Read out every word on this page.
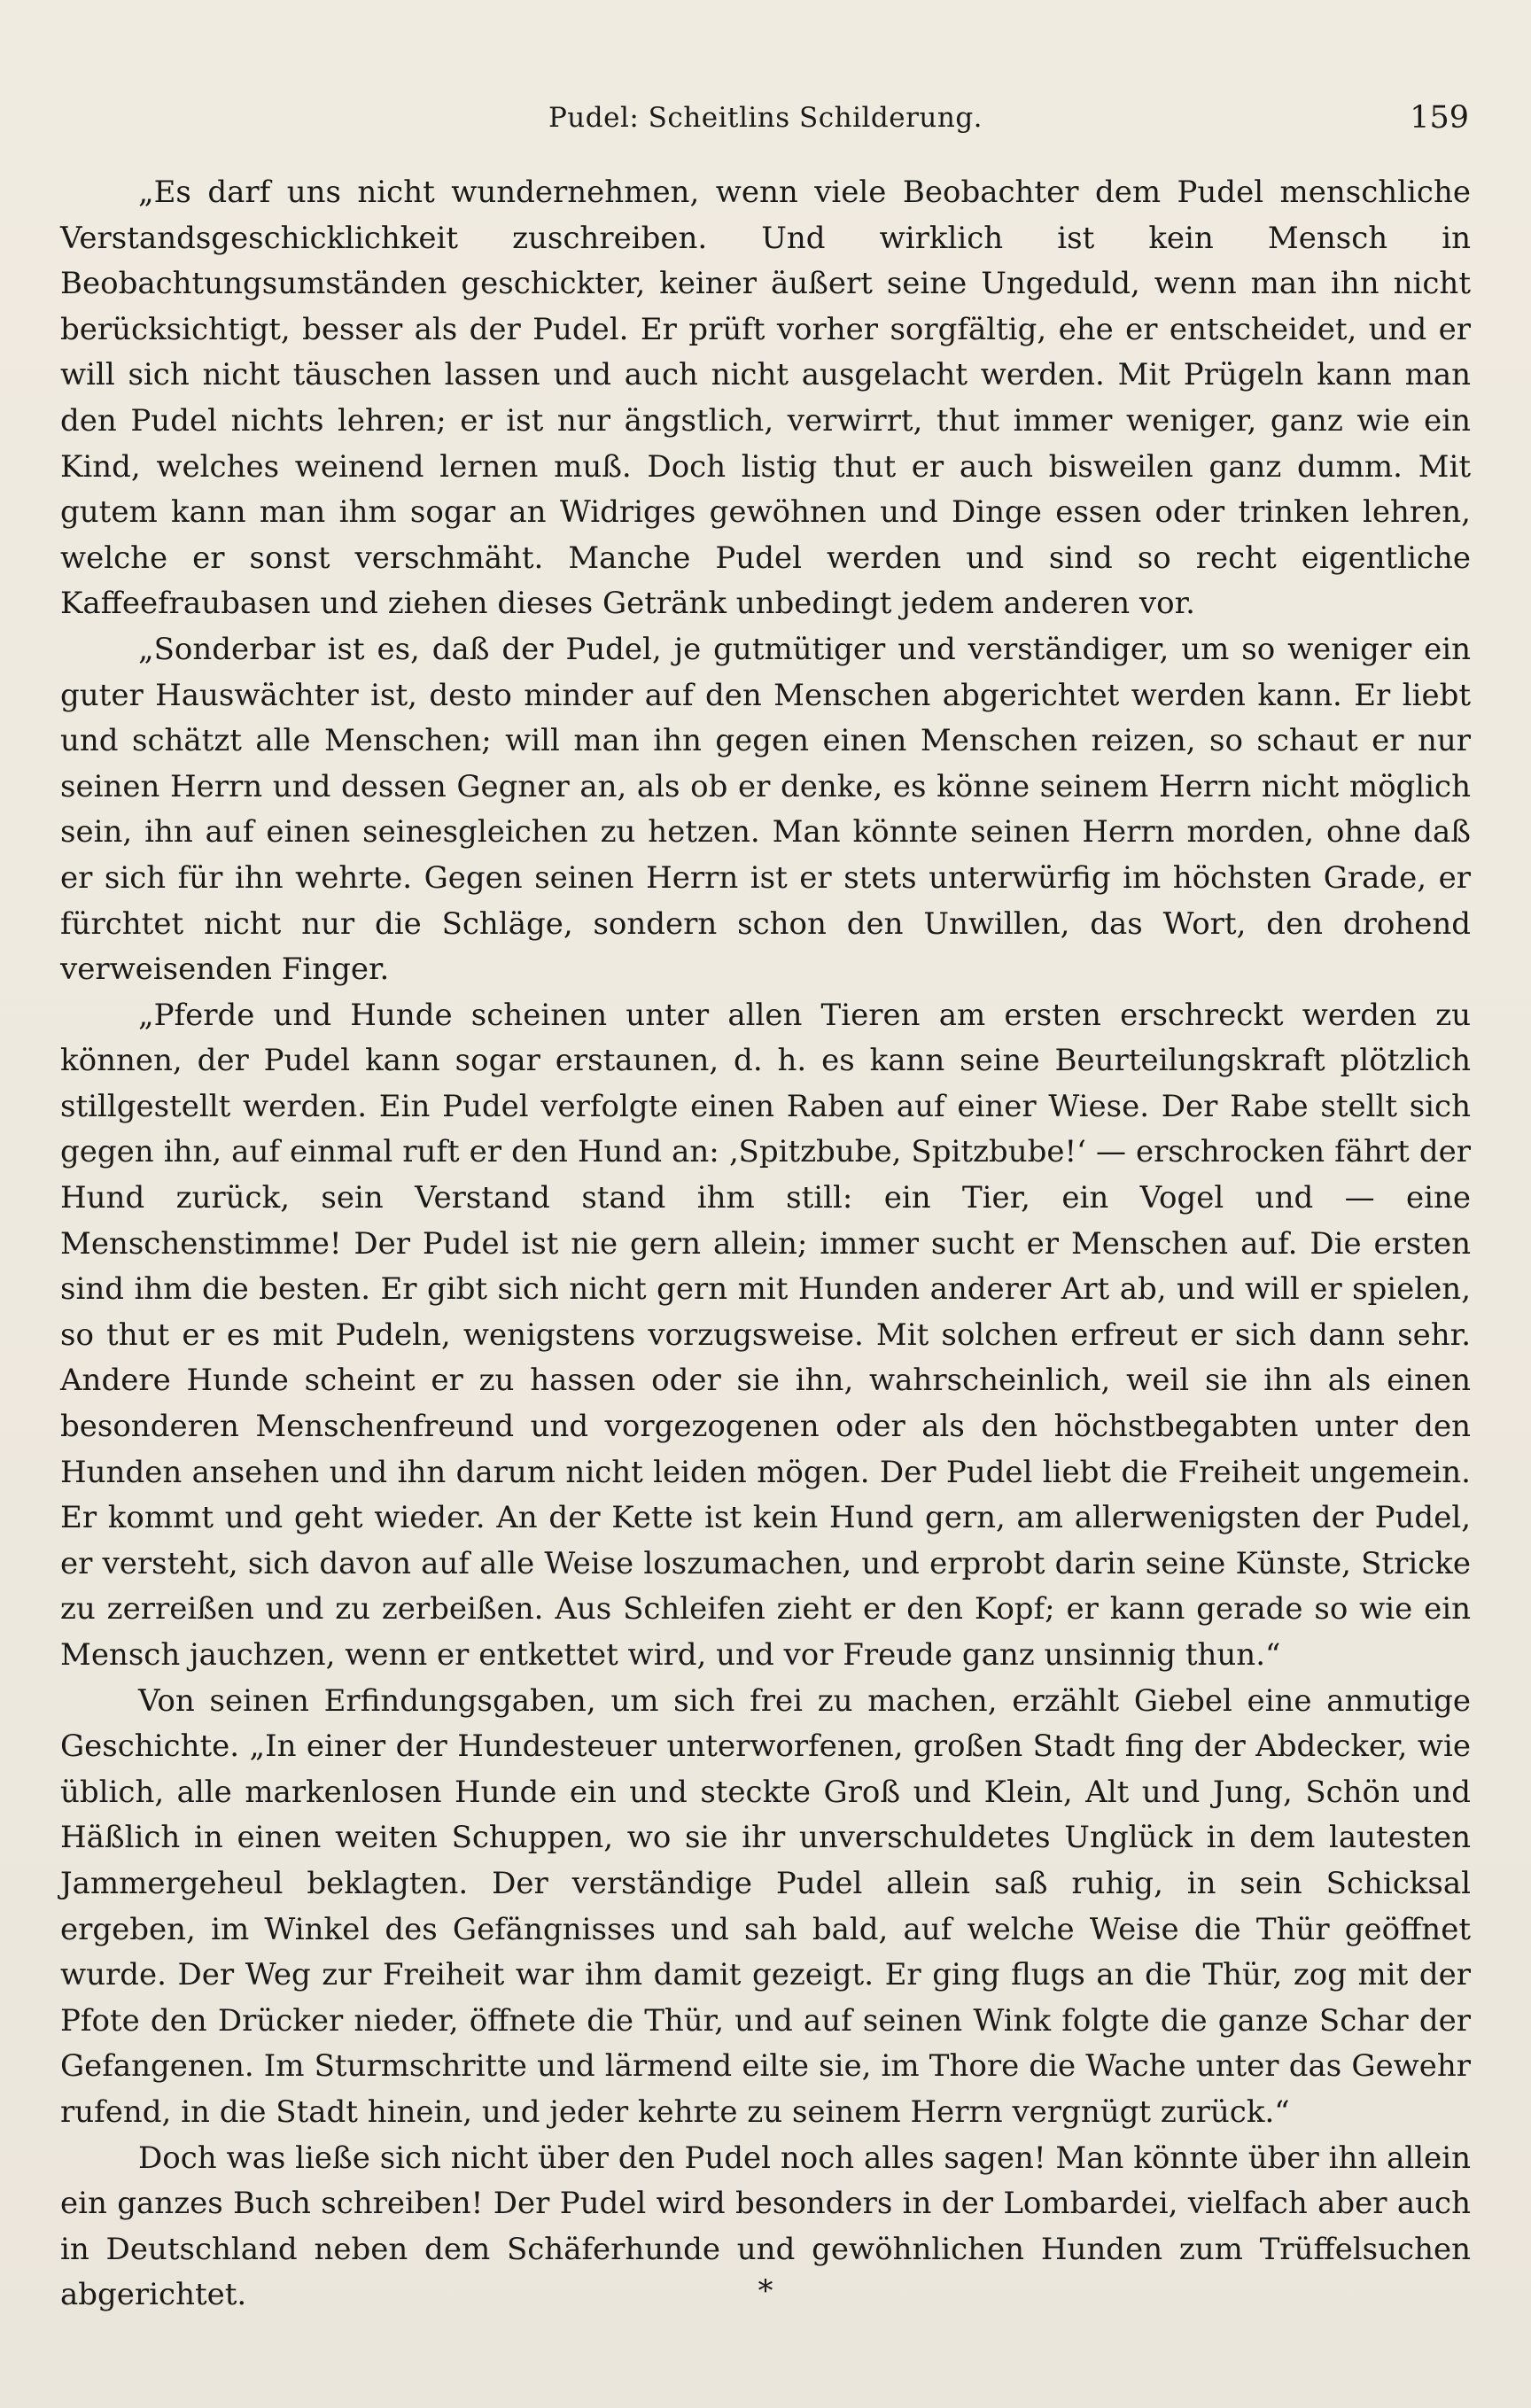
Pudel: Scheitlins Schilderung.	159

„Es darf uns nicht wundernehmen, wenn viele Beobachter dem Pudel menschliche Verstandsgeschicklichkeit zuschreiben. Und wirklich ist kein Mensch in Beobachtungsumständen geschickter, keiner äußert seine Ungeduld, wenn man ihn nicht berücksichtigt, besser als der Pudel. Er prüft vorher sorgfältig, ehe er entscheidet, und er will sich nicht täuschen lassen und auch nicht ausgelacht werden. Mit Prügeln kann man den Pudel nichts lehren; er ist nur ängstlich, verwirrt, thut immer weniger, ganz wie ein Kind, welches weinend lernen muß. Doch listig thut er auch bisweilen ganz dumm. Mit gutem kann man ihm sogar an Widriges gewöhnen und Dinge essen oder trinken lehren, welche er sonst verschmäht. Manche Pudel werden und sind so recht eigentliche Kaffeefraubasen und ziehen dieses Getränk unbedingt jedem anderen vor.

„Sonderbar ist es, daß der Pudel, je gutmütiger und verständiger, um so weniger ein guter Hauswächter ist, desto minder auf den Menschen abgerichtet werden kann. Er liebt und schätzt alle Menschen; will man ihn gegen einen Menschen reizen, so schaut er nur seinen Herrn und dessen Gegner an, als ob er denke, es könne seinem Herrn nicht möglich sein, ihn auf einen seinesgleichen zu hetzen. Man könnte seinen Herrn morden, ohne daß er sich für ihn wehrte. Gegen seinen Herrn ist er stets unterwürfig im höchsten Grade, er fürchtet nicht nur die Schläge, sondern schon den Unwillen, das Wort, den drohend verweisenden Finger.

„Pferde und Hunde scheinen unter allen Tieren am ersten erschreckt werden zu können, der Pudel kann sogar erstaunen, d. h. es kann seine Beurteilungskraft plötzlich stillgestellt werden. Ein Pudel verfolgte einen Raben auf einer Wiese. Der Rabe stellt sich gegen ihn, auf einmal ruft er den Hund an: ‚Spitzbube, Spitzbube!‘ — erschrocken fährt der Hund zurück, sein Verstand stand ihm still: ein Tier, ein Vogel und — eine Menschenstimme! Der Pudel ist nie gern allein; immer sucht er Menschen auf. Die ersten sind ihm die besten. Er gibt sich nicht gern mit Hunden anderer Art ab, und will er spielen, so thut er es mit Pudeln, wenigstens vorzugsweise. Mit solchen erfreut er sich dann sehr. Andere Hunde scheint er zu hassen oder sie ihn, wahrscheinlich, weil sie ihn als einen besonderen Menschenfreund und vorgezogenen oder als den höchstbegabten unter den Hunden ansehen und ihn darum nicht leiden mögen. Der Pudel liebt die Freiheit ungemein. Er kommt und geht wieder. An der Kette ist kein Hund gern, am allerwenigsten der Pudel, er versteht, sich davon auf alle Weise loszumachen, und erprobt darin seine Künste, Stricke zu zerreißen und zu zerbeißen. Aus Schleifen zieht er den Kopf; er kann gerade so wie ein Mensch jauchzen, wenn er entkettet wird, und vor Freude ganz unsinnig thun.“

Von seinen Erfindungsgaben, um sich frei zu machen, erzählt Giebel eine anmutige Geschichte. „In einer der Hundesteuer unterworfenen, großen Stadt fing der Abdecker, wie üblich, alle markenlosen Hunde ein und steckte Groß und Klein, Alt und Jung, Schön und Häßlich in einen weiten Schuppen, wo sie ihr unverschuldetes Unglück in dem lautesten Jammergeheul beklagten. Der verständige Pudel allein saß ruhig, in sein Schicksal ergeben, im Winkel des Gefängnisses und sah bald, auf welche Weise die Thür geöffnet wurde. Der Weg zur Freiheit war ihm damit gezeigt. Er ging flugs an die Thür, zog mit der Pfote den Drücker nieder, öffnete die Thür, und auf seinen Wink folgte die ganze Schar der Gefangenen. Im Sturmschritte und lärmend eilte sie, im Thore die Wache unter das Gewehr rufend, in die Stadt hinein, und jeder kehrte zu seinem Herrn vergnügt zurück.“

Doch was ließe sich nicht über den Pudel noch alles sagen! Man könnte über ihn allein ein ganzes Buch schreiben! Der Pudel wird besonders in der Lombardei, vielfach aber auch in Deutschland neben dem Schäferhunde und gewöhnlichen Hunden zum Trüffelsuchen abgerichtet.	*
